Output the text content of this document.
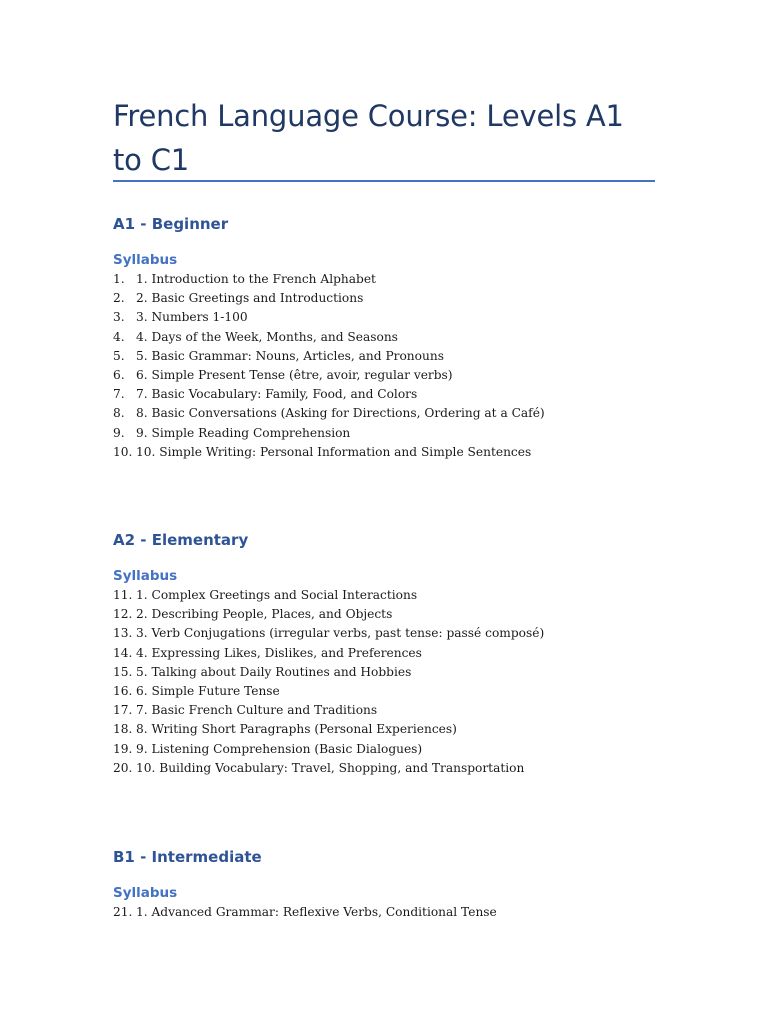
French Language Course: Levels A1 to C1
A1 - Beginner
Syllabus
1. 1. Introduction to the French Alphabet
2. 2. Basic Greetings and Introductions
3. 3. Numbers 1-100
4. 4. Days of the Week, Months, and Seasons
5. 5. Basic Grammar: Nouns, Articles, and Pronouns
6. 6. Simple Present Tense (être, avoir, regular verbs)
7. 7. Basic Vocabulary: Family, Food, and Colors
8. 8. Basic Conversations (Asking for Directions, Ordering at a Café)
9. 9. Simple Reading Comprehension
10. 10. Simple Writing: Personal Information and Simple Sentences
A2 - Elementary
Syllabus
11. 1. Complex Greetings and Social Interactions
12. 2. Describing People, Places, and Objects
13. 3. Verb Conjugations (irregular verbs, past tense: passé composé)
14. 4. Expressing Likes, Dislikes, and Preferences
15. 5. Talking about Daily Routines and Hobbies
16. 6. Simple Future Tense
17. 7. Basic French Culture and Traditions
18. 8. Writing Short Paragraphs (Personal Experiences)
19. 9. Listening Comprehension (Basic Dialogues)
20. 10. Building Vocabulary: Travel, Shopping, and Transportation
B1 - Intermediate
Syllabus
21. 1. Advanced Grammar: Reflexive Verbs, Conditional Tense
